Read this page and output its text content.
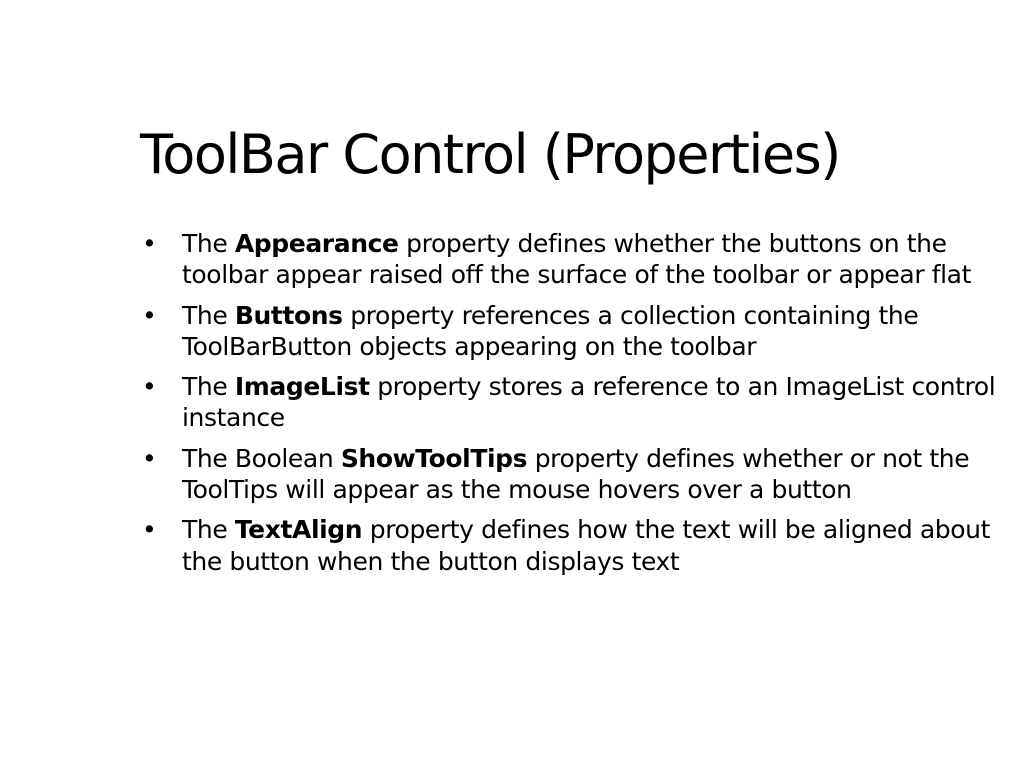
ToolBar Control (Properties)
• The Appearance property defines whether the buttons on the toolbar appear raised off the surface of the toolbar or appear flat
• The Buttons property references a collection containing the ToolBarButton objects appearing on the toolbar
• The ImageList property stores a reference to an ImageList control instance
• The Boolean ShowToolTips property defines whether or not the ToolTips will appear as the mouse hovers over a button
• The TextAlign property defines how the text will be aligned about the button when the button displays text
